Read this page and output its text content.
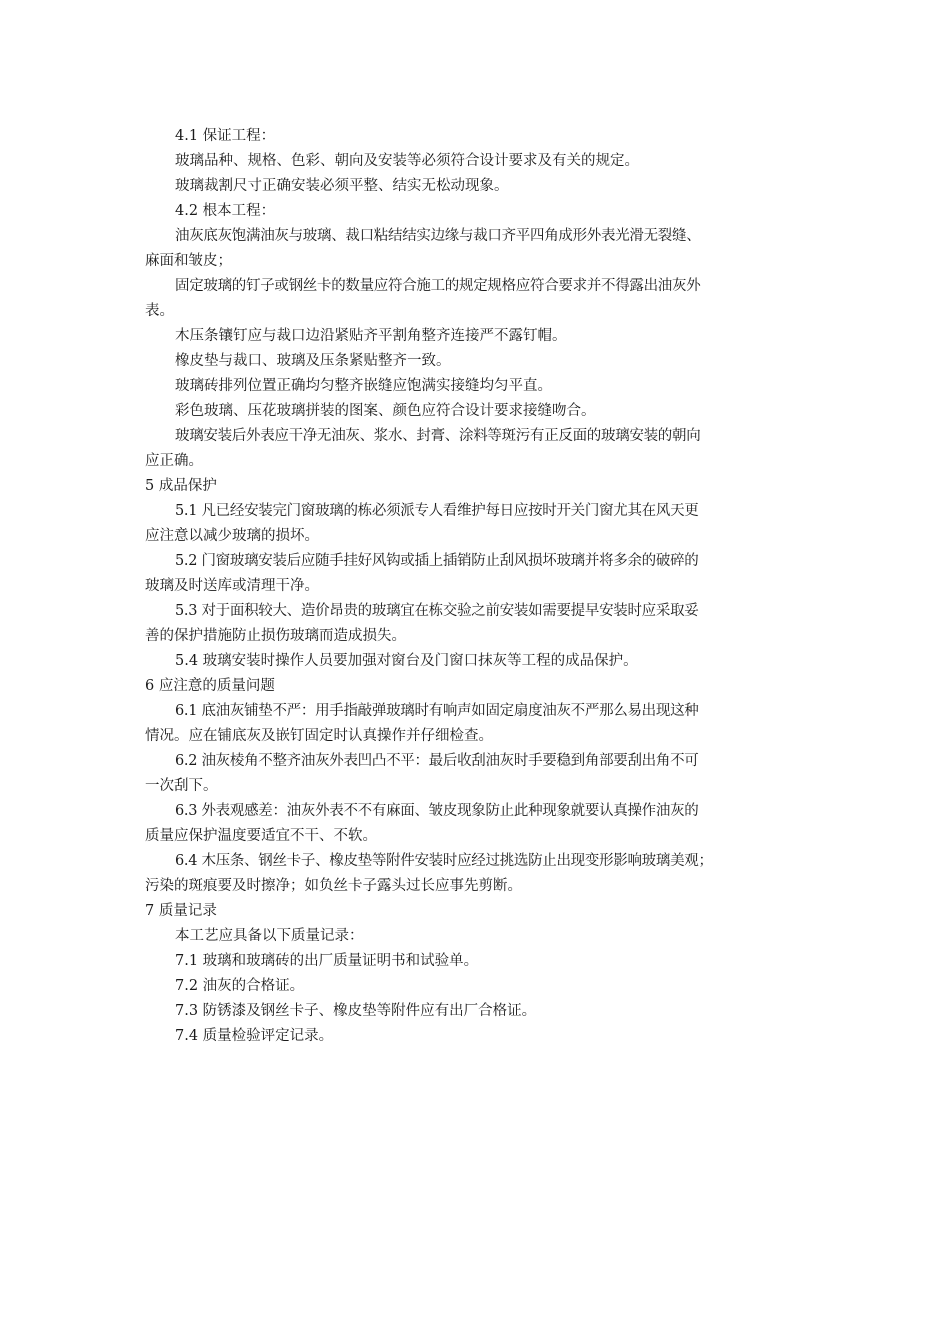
4.1 保证工程：
玻璃品种、规格、色彩、朝向及安装等必须符合设计要求及有关的规定。
玻璃裁割尺寸正确安装必须平整、结实无松动现象。
4.2 根本工程：
油灰底灰饱满油灰与玻璃、裁口粘结结实边缘与裁口齐平四角成形外表光滑无裂缝、
麻面和皱皮；
固定玻璃的钉子或钢丝卡的数量应符合施工的规定规格应符合要求并不得露出油灰外
表。
木压条镶钉应与裁口边沿紧贴齐平割角整齐连接严不露钉帽。
橡皮垫与裁口、玻璃及压条紧贴整齐一致。
玻璃砖排列位置正确均匀整齐嵌缝应饱满实接缝均匀平直。
彩色玻璃、压花玻璃拼装的图案、颜色应符合设计要求接缝吻合。
玻璃安装后外表应干净无油灰、浆水、封膏、涂料等斑污有正反面的玻璃安装的朝向
应正确。
5 成品保护
5.1 凡已经安装完门窗玻璃的栋必须派专人看维护每日应按时开关门窗尤其在风天更
应注意以减少玻璃的损坏。
5.2 门窗玻璃安装后应随手挂好风钩或插上插销防止刮风损坏玻璃并将多余的破碎的
玻璃及时送库或清理干净。
5.3 对于面积较大、造价昂贵的玻璃宜在栋交验之前安装如需要提早安装时应采取妥
善的保护措施防止损伤玻璃而造成损失。
5.4 玻璃安装时操作人员要加强对窗台及门窗口抹灰等工程的成品保护。
6 应注意的质量问题
6.1 底油灰铺垫不严：用手指敲弹玻璃时有响声如固定扇度油灰不严那么易出现这种
情况。应在铺底灰及嵌钉固定时认真操作并仔细检查。
6.2 油灰棱角不整齐油灰外表凹凸不平：最后收刮油灰时手要稳到角部要刮出角不可
一次刮下。
6.3 外表观感差：油灰外表不不有麻面、皱皮现象防止此种现象就要认真操作油灰的
质量应保护温度要适宜不干、不软。
6.4 木压条、钢丝卡子、橡皮垫等附件安装时应经过挑选防止出现变形影响玻璃美观；
污染的斑痕要及时擦净；如负丝卡子露头过长应事先剪断。
7 质量记录
本工艺应具备以下质量记录：
7.1 玻璃和玻璃砖的出厂质量证明书和试验单。
7.2 油灰的合格证。
7.3 防锈漆及钢丝卡子、橡皮垫等附件应有出厂合格证。
7.4 质量检验评定记录。
